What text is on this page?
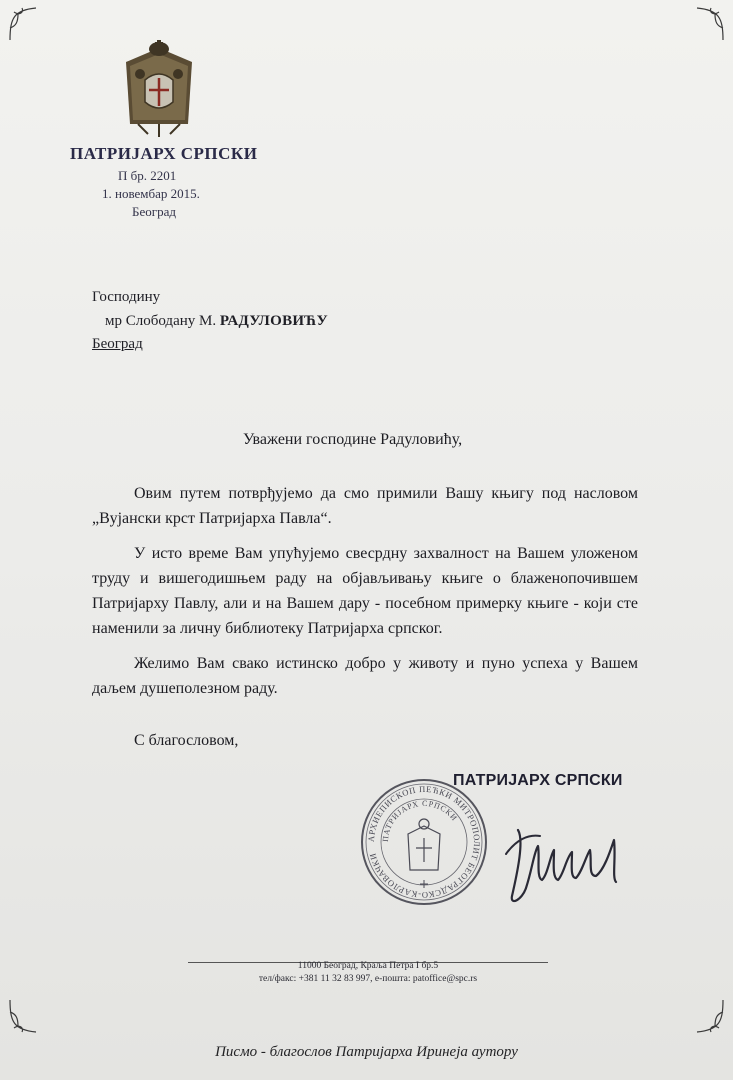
ПАТРИЈАРХ СРПСКИ
П бр. 2201
1. новембар 2015.
Београд
Господину
мр Слободану М. РАДУЛОВИЋУ
Београд
Уважени господине Радуловићу,

Овим путем потврђујемо да смо примили Вашу књигу под насловом „Вујански крст Патријарха Павла“.

У исто време Вам упућујемо свесрдну захвалност на Вашем уложеном труду и вишегодишњем раду на објављивању књиге о блаженопочившем Патријарху Павлу, али и на Вашем дару - посебном примерку књиге - који сте наменили за личну библиотеку Патријарха српског.

Желимо Вам свако истинско добро у животу и пуно успеха у Вашем даљем душеполезном раду.

С благословом,
ПАТРИЈАРХ СРПСКИ
АРХИЕПИСКОП ПЕЋКИ МИТРОПОЛИТ БЕОГРАДСКО-КАРЛОВАЧКИ
ПАТРИЈАРХ СРПСКИ
11000 Београд, Краља Петра I бр.5
тел/факс: +381 11 32 83 997, е-пошта: patoffice@spc.rs
Писмо - благослов Патријарха Иринеја аутору
